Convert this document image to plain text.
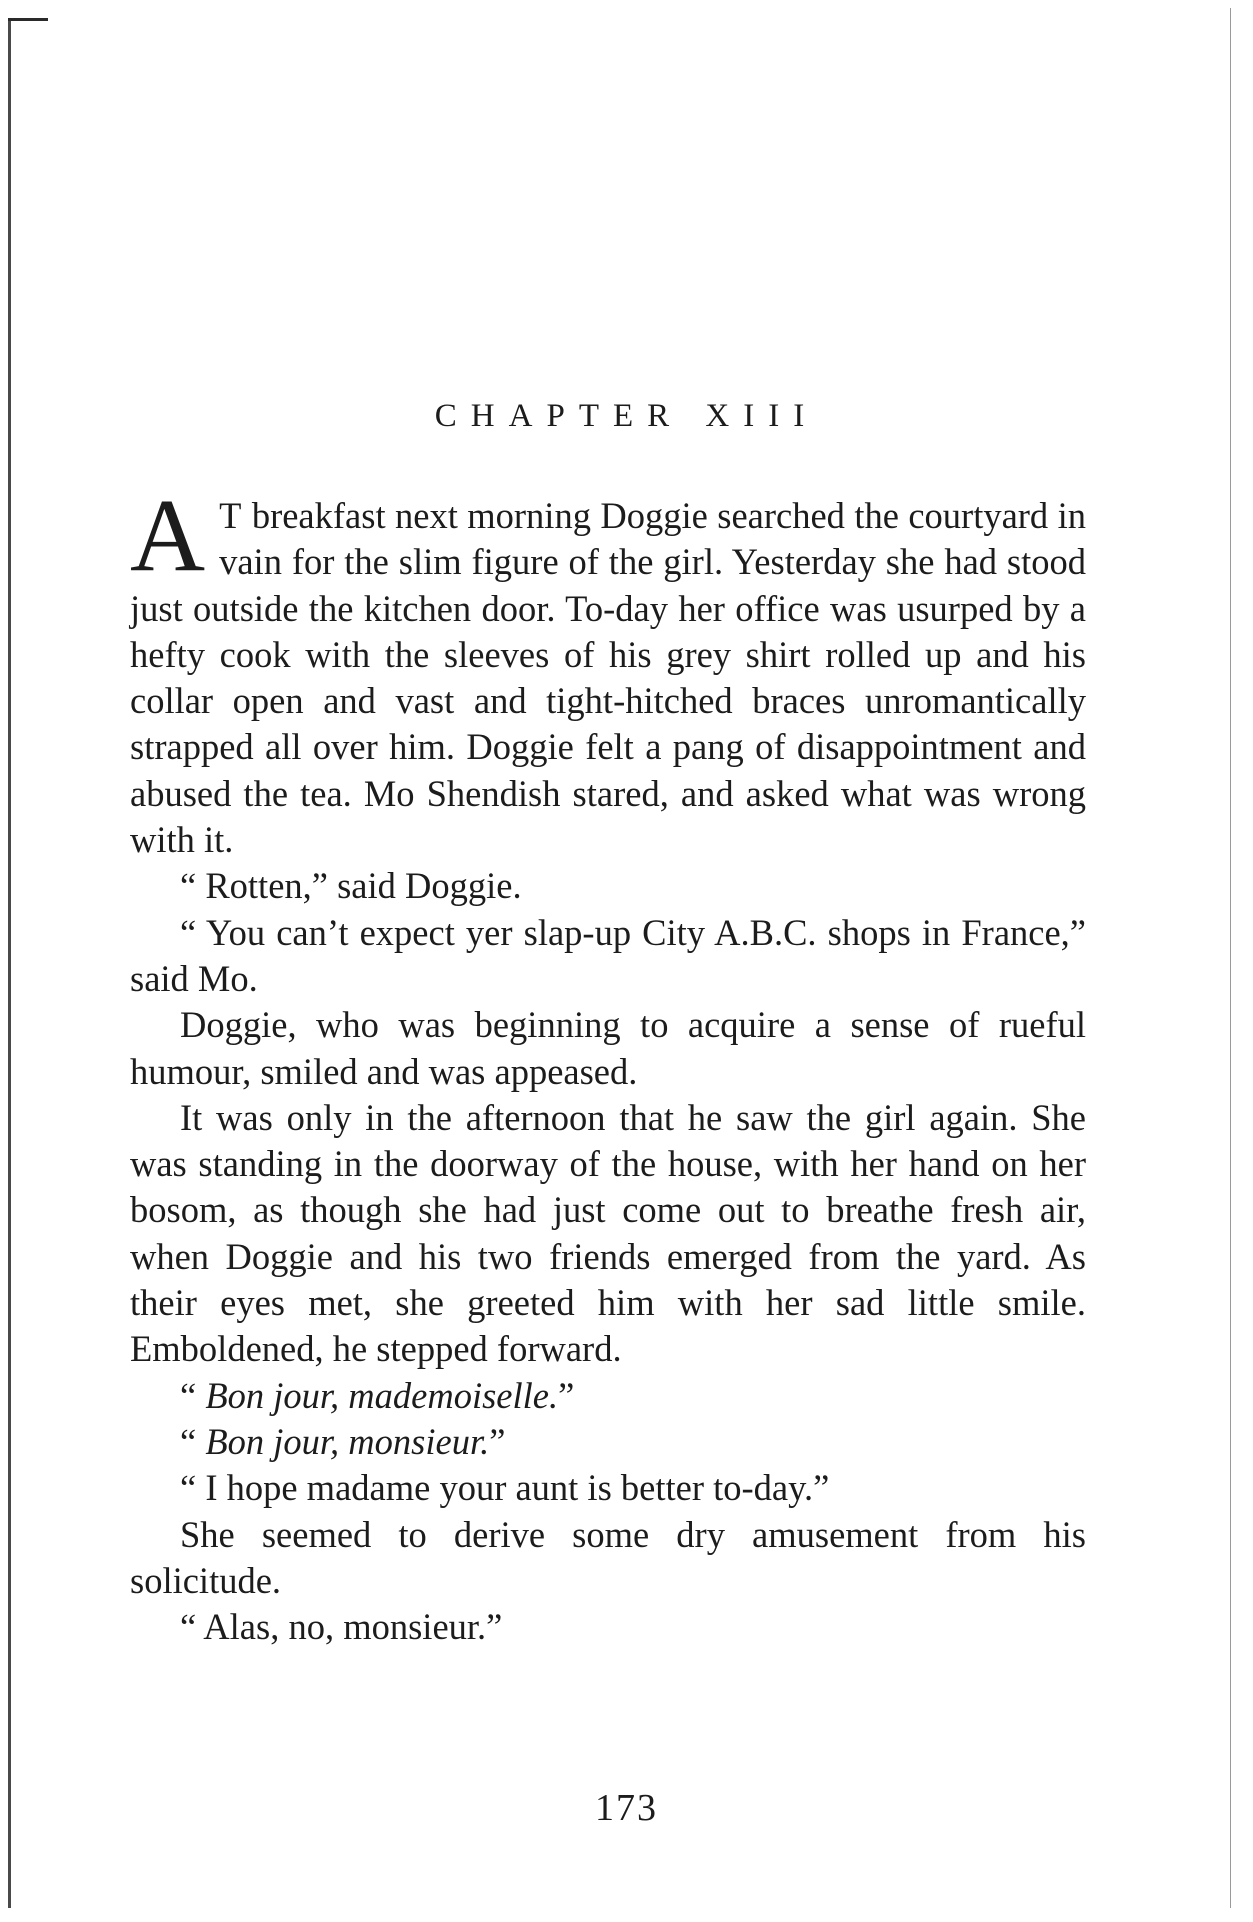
CHAPTER XIII

A T breakfast next morning Doggie searched the courtyard in vain for the slim figure of the girl. Yesterday she had stood just outside the kitchen door. To-day her office was usurped by a hefty cook with the sleeves of his grey shirt rolled up and his collar open and vast and tight-hitched braces unromantically strapped all over him. Doggie felt a pang of disappointment and abused the tea. Mo Shendish stared, and asked what was wrong with it.

“ Rotten,” said Doggie.

“ You can’t expect yer slap-up City A.B.C. shops in France,” said Mo.

Doggie, who was beginning to acquire a sense of rueful humour, smiled and was appeased.

It was only in the afternoon that he saw the girl again. She was standing in the doorway of the house, with her hand on her bosom, as though she had just come out to breathe fresh air, when Doggie and his two friends emerged from the yard. As their eyes met, she greeted him with her sad little smile. Emboldened, he stepped forward.

“ Bon jour, mademoiselle.”

“ Bon jour, monsieur.”

“ I hope madame your aunt is better to-day.”

She seemed to derive some dry amusement from his solicitude.

“ Alas, no, monsieur.”

173
